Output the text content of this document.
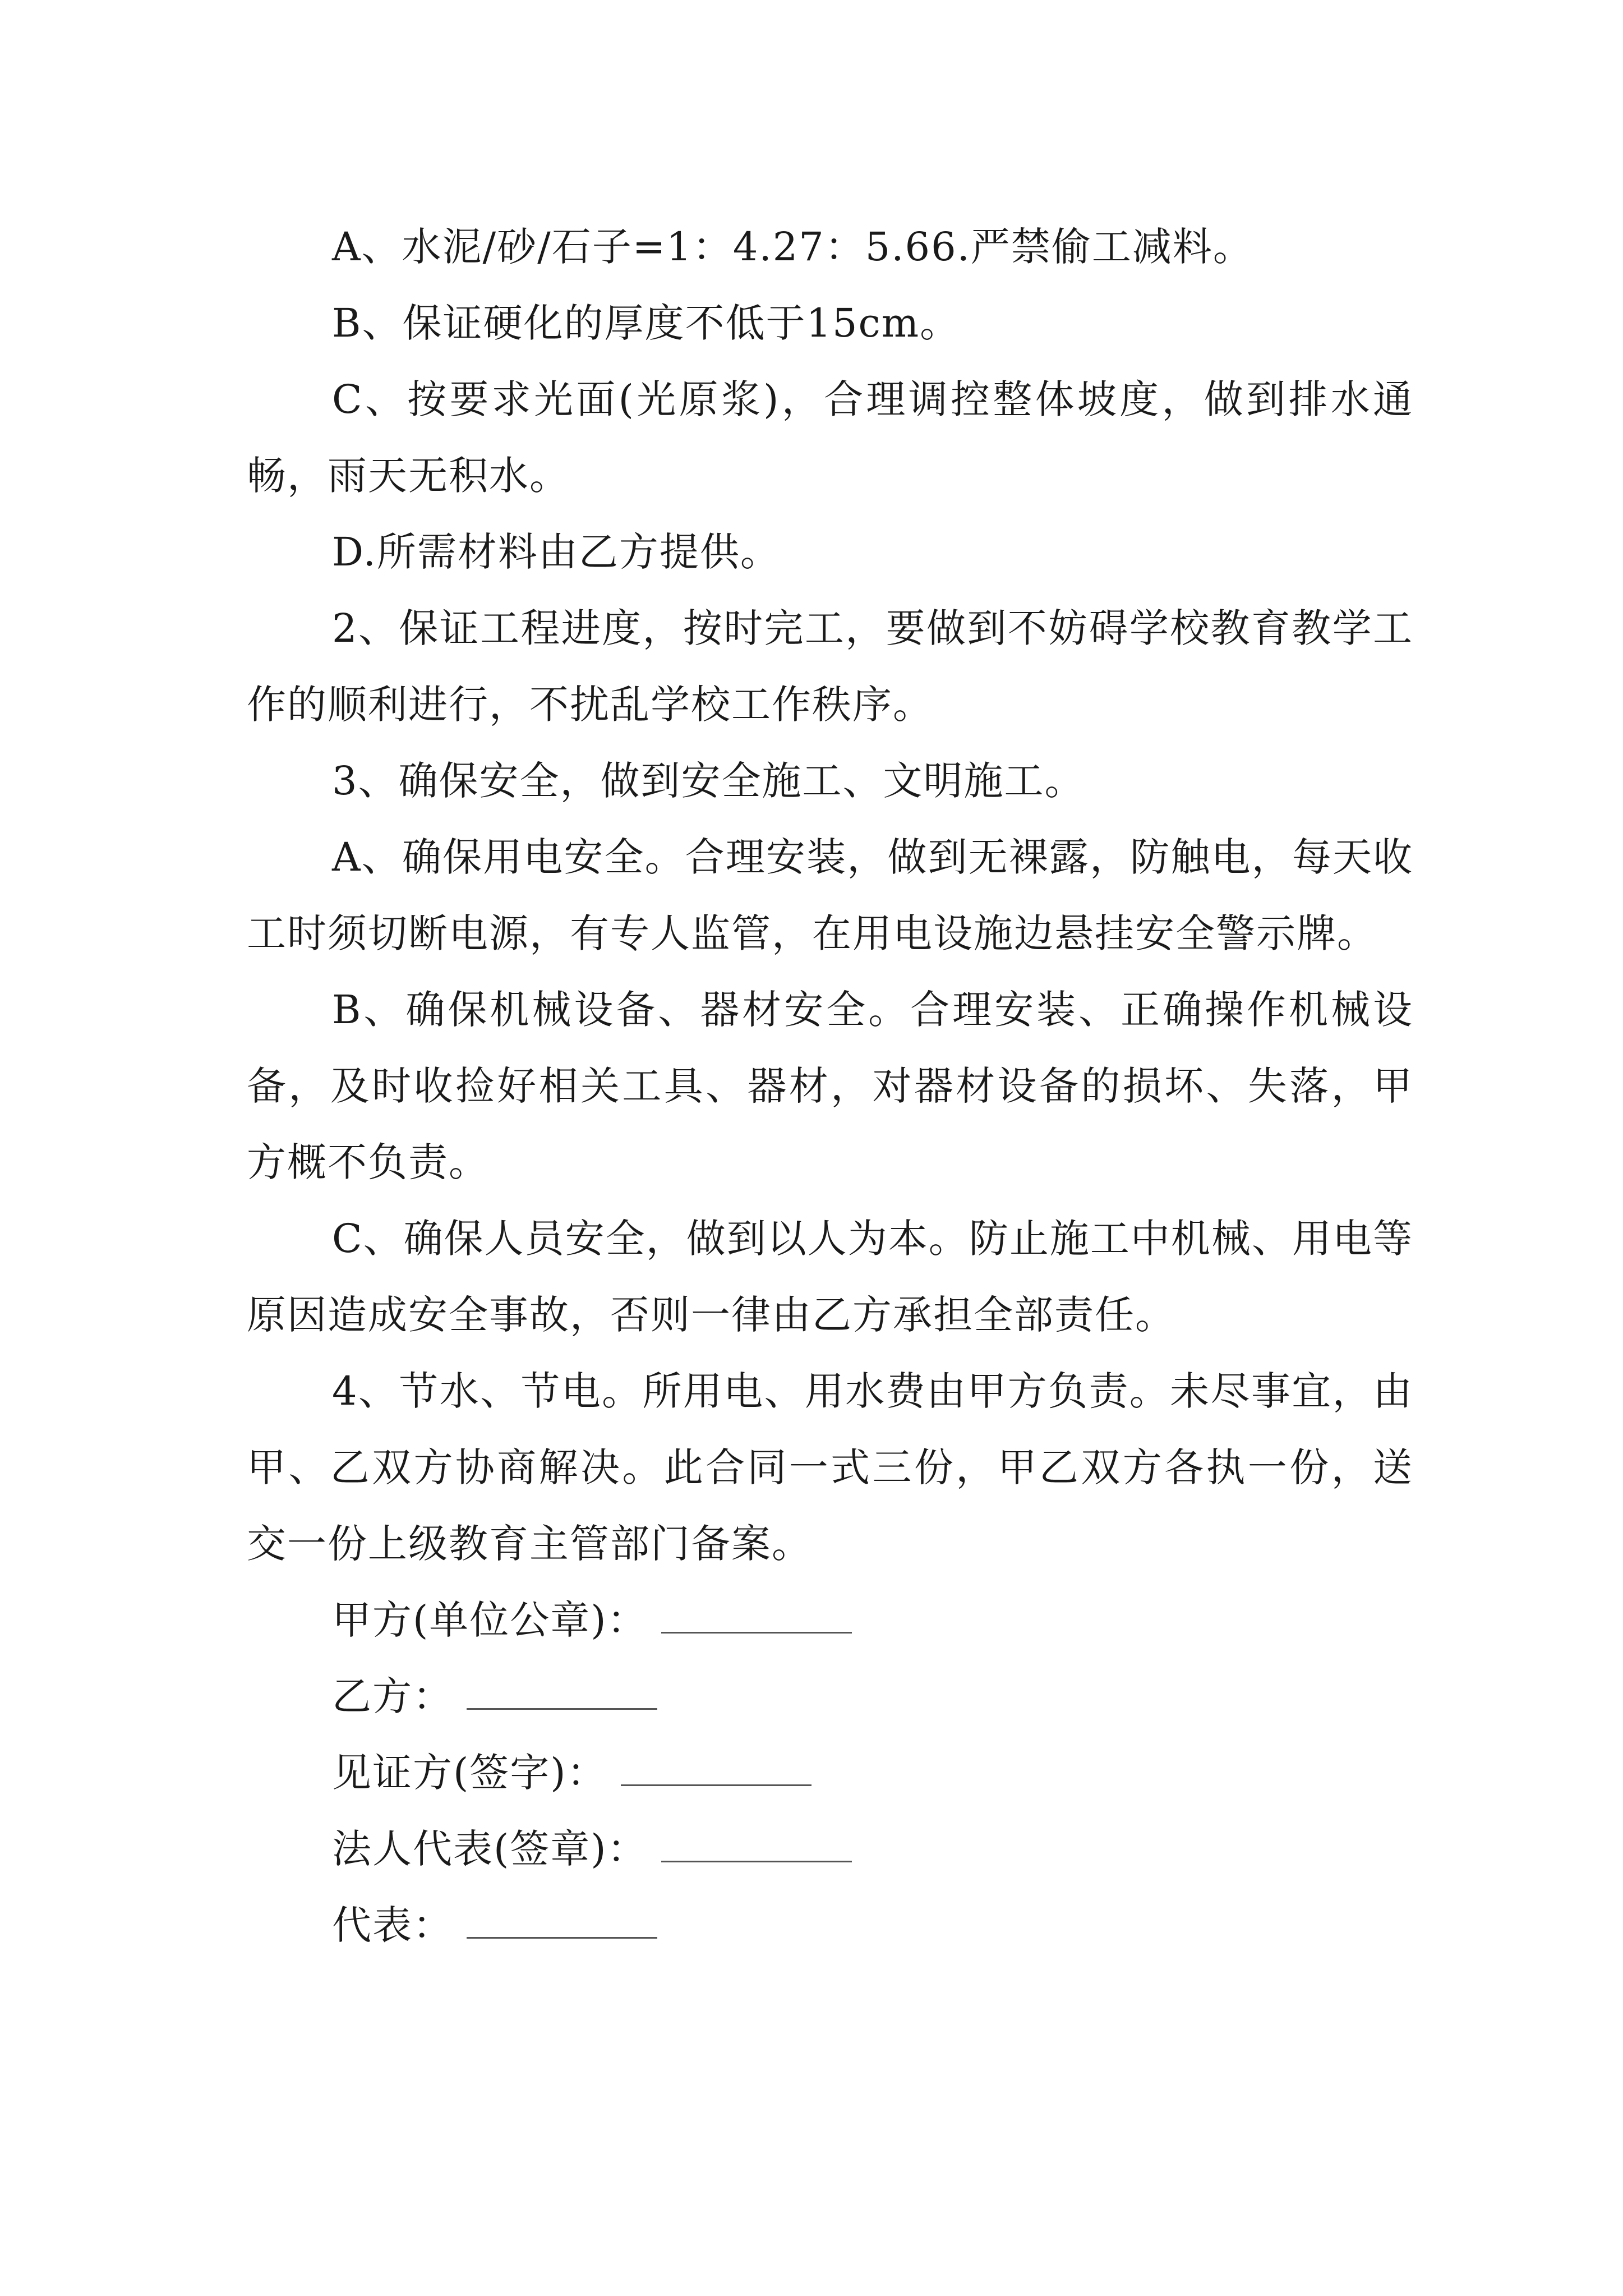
A、水泥/砂/石子=1：4.27：5.66.严禁偷工减料。

B、保证硬化的厚度不低于15cm。

C、按要求光面(光原浆)，合理调控整体坡度，做到排水通畅，雨天无积水。

D.所需材料由乙方提供。

2、保证工程进度，按时完工，要做到不妨碍学校教育教学工作的顺利进行，不扰乱学校工作秩序。

3、确保安全，做到安全施工、文明施工。

A、确保用电安全。合理安装，做到无裸露，防触电，每天收工时须切断电源，有专人监管，在用电设施边悬挂安全警示牌。

B、确保机械设备、器材安全。合理安装、正确操作机械设备，及时收捡好相关工具、器材，对器材设备的损坏、失落，甲方概不负责。

C、确保人员安全，做到以人为本。防止施工中机械、用电等原因造成安全事故，否则一律由乙方承担全部责任。

4、节水、节电。所用电、用水费由甲方负责。未尽事宜，由甲、乙双方协商解决。此合同一式三份，甲乙双方各执一份，送交一份上级教育主管部门备案。

甲方(单位公章)：
乙方：
见证方(签字)：
法人代表(签章)：
代表：
